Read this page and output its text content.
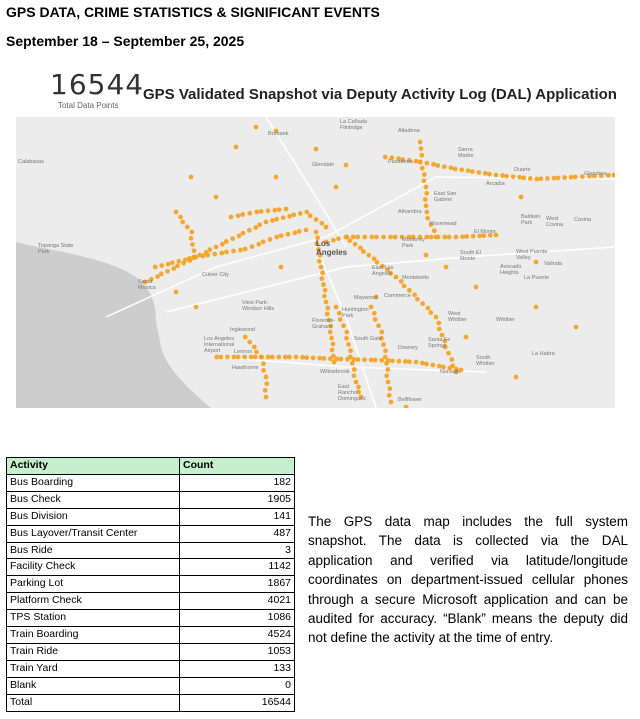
GPS DATA, CRIME STATISTICS & SIGNIFICANT EVENTS
September 18 – September 25, 2025
16544
Total Data Points
GPS Validated Snapshot via Deputy Activity Log (DAL) Application
La Cañada
Flintridge	Altadena
Sierra
Madre
Burbank
Glendale	Pasadena
Duarte
Glendora
Calabasas
Arcadia
East San
Gabriel
Alhambra
Baldwin
Park
West
Covina
Covina
Rosemead
El Monte
Topanga State
Park
Los
Angeles
Monterey
Park
South El
Monte
West Puente
Valley
Avocado
Heights
Valinda
East Los
Angeles
Culver City	Montebello
Santa
Monica
La Puente
Commerce
View Park-
Windsor Hills
Maywood
Huntington
Park
Whittier
West
Whittier
Inglewood
Florence-
Graham
South Gate
Downey
Santa Fe
Springs
Los Angeles
International
Airport	Lennox
Hawthorne
Willowbrook	Norwalk
South
Whittier
La Habra
East
Rancho
Dominguez	Bellflower
Activity	Count
Bus Boarding	182
Bus Check	1905
Bus Division	141
Bus Layover/Transit Center	487
Bus Ride	3
Facility Check	1142
Parking Lot	1867
Platform Check	4021
TPS Station	1086
Train Boarding	4524
Train Ride	1053
Train Yard	133
Blank	0
Total	16544
The GPS data map includes the full system snapshot. The data is collected via the DAL application and verified via latitude/longitude coordinates on department-issued cellular phones through a secure Microsoft application and can be audited for accuracy. “Blank” means the deputy did not define the activity at the time of entry.
